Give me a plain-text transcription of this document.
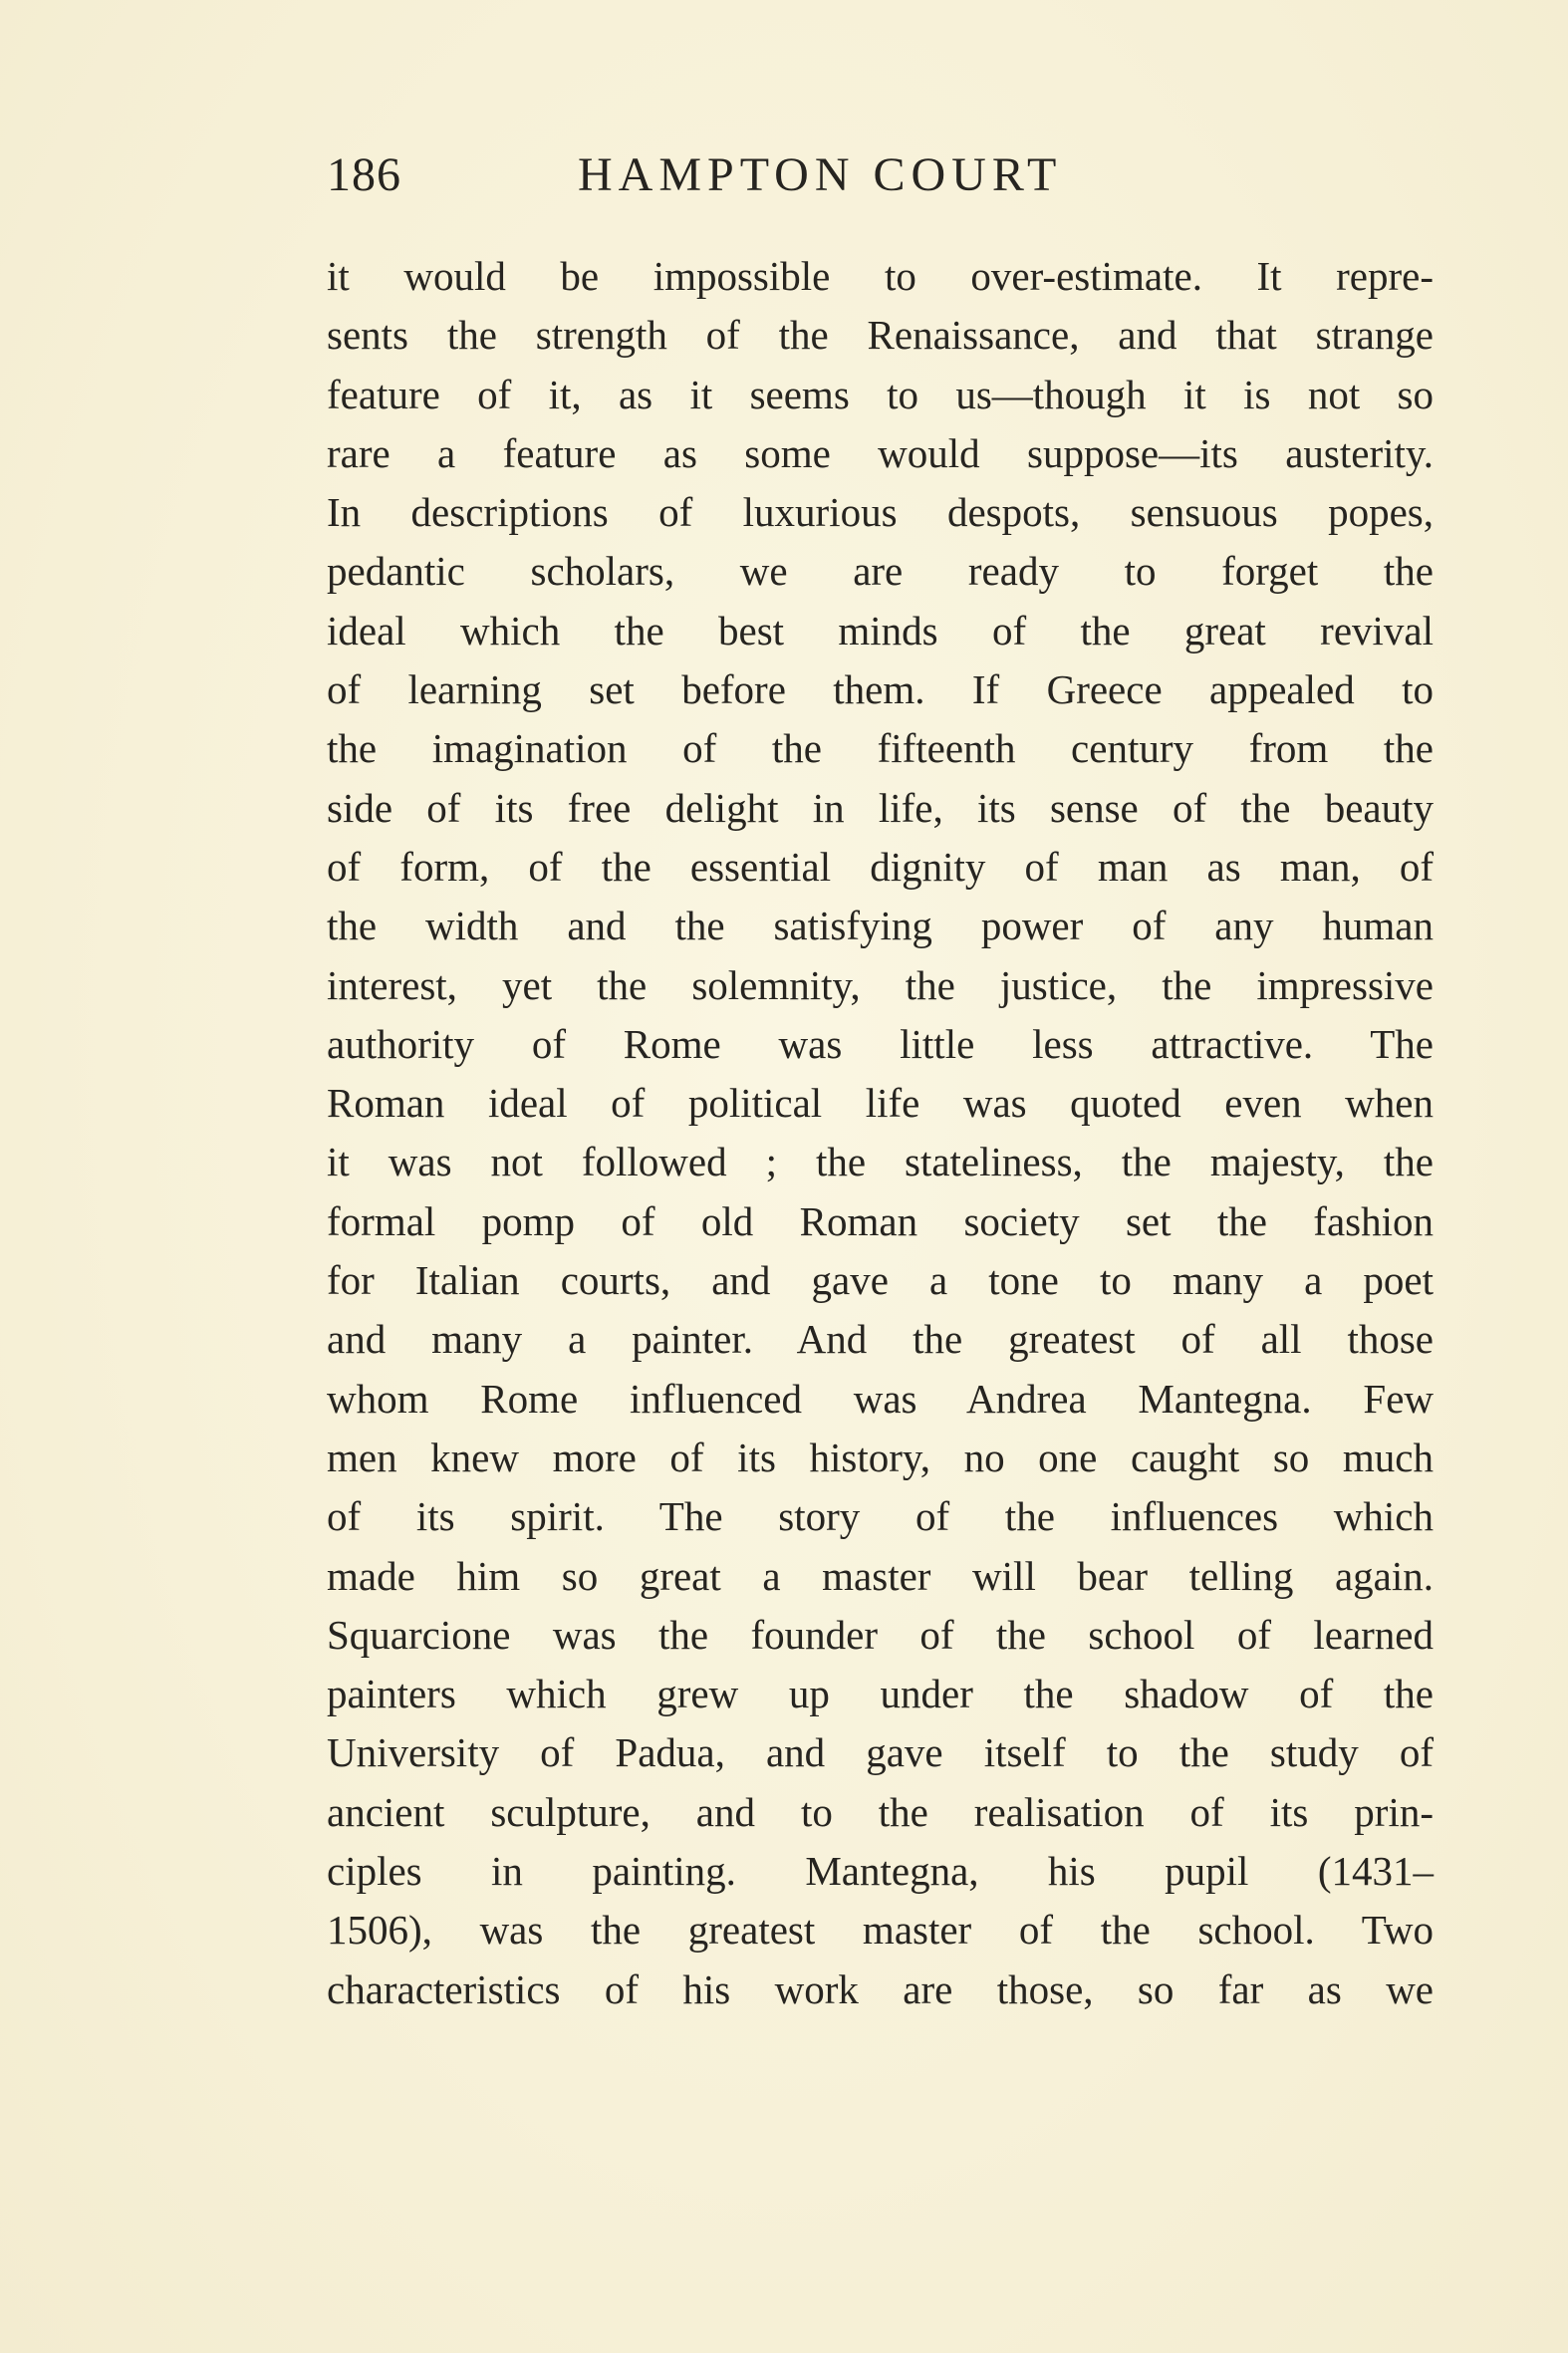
186	HAMPTON COURT
it would be impossible to over-estimate. It repre-
sents the strength of the Renaissance, and that strange
feature of it, as it seems to us—though it is not so
rare a feature as some would suppose—its austerity.
In descriptions of luxurious despots, sensuous popes,
pedantic scholars, we are ready to forget the
ideal which the best minds of the great revival
of learning set before them. If Greece appealed to
the imagination of the fifteenth century from the
side of its free delight in life, its sense of the beauty
of form, of the essential dignity of man as man, of
the width and the satisfying power of any human
interest, yet the solemnity, the justice, the impressive
authority of Rome was little less attractive. The
Roman ideal of political life was quoted even when
it was not followed ; the stateliness, the majesty, the
formal pomp of old Roman society set the fashion
for Italian courts, and gave a tone to many a poet
and many a painter. And the greatest of all those
whom Rome influenced was Andrea Mantegna. Few
men knew more of its history, no one caught so much
of its spirit. The story of the influences which
made him so great a master will bear telling again.
Squarcione was the founder of the school of learned
painters which grew up under the shadow of the
University of Padua, and gave itself to the study of
ancient sculpture, and to the realisation of its prin-
ciples in painting. Mantegna, his pupil (1431–
1506), was the greatest master of the school. Two
characteristics of his work are those, so far as we
